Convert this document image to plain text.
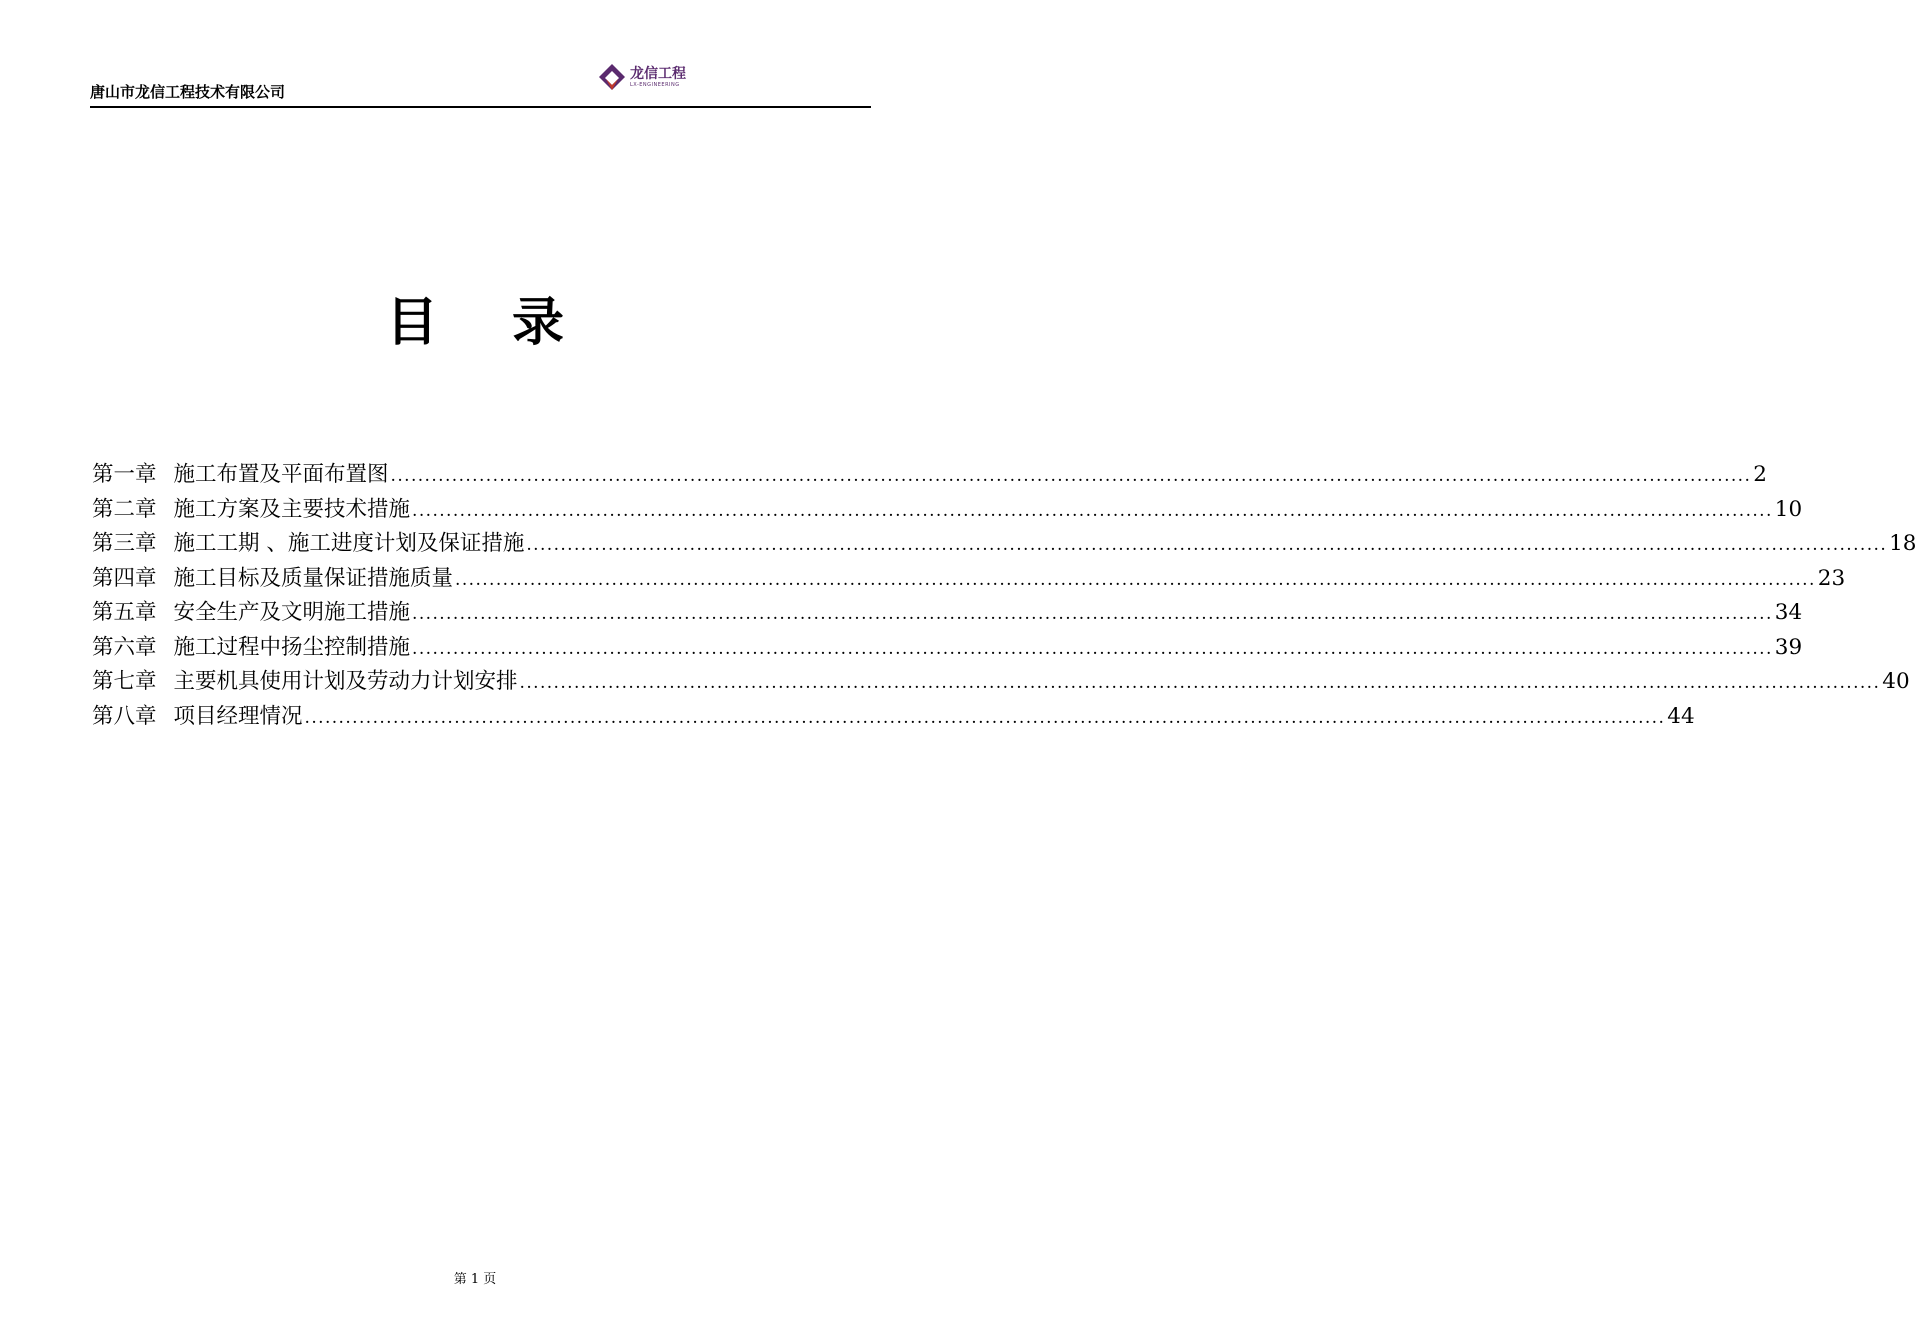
唐山市龙信工程技术有限公司
龙信工程
LX-ENGINEERING
目 录
第一章 施工布置及平面布置图 ........................................................................................................................................................................................................ 2
第二章 施工方案及主要技术措施 ........................................................................................................................................................................................................ 10
第三章 施工工期 、施工进度计划及保证措施 ........................................................................................................................................................................................................ 18
第四章 施工目标及质量保证措施质量 ........................................................................................................................................................................................................ 23
第五章 安全生产及文明施工措施 ........................................................................................................................................................................................................ 34
第六章 施工过程中扬尘控制措施 ........................................................................................................................................................................................................ 39
第七章 主要机具使用计划及劳动力计划安排 ........................................................................................................................................................................................................ 40
第八章 项目经理情况 ........................................................................................................................................................................................................ 44
第 1 页
